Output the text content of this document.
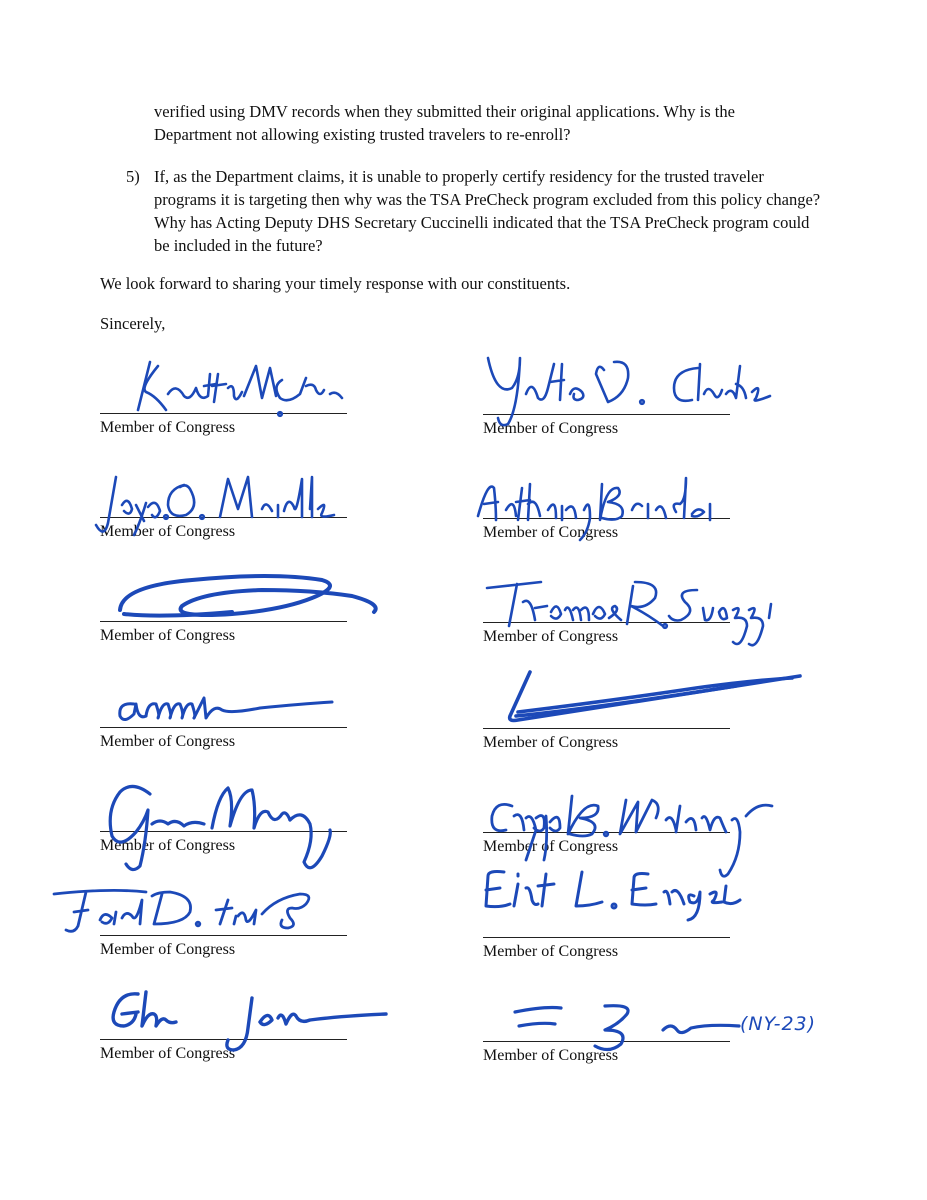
verified using DMV records when they submitted their original applications. Why is the Department not allowing existing trusted travelers to re-enroll?

5) If, as the Department claims, it is unable to properly certify residency for the trusted traveler programs it is targeting then why was the TSA PreCheck program excluded from this policy change? Why has Acting Deputy DHS Secretary Cuccinelli indicated that the TSA PreCheck program could be included in the future?

We look forward to sharing your timely response with our constituents.

Sincerely,

Member of Congress
Member of Congress
Member of Congress
Member of Congress
Member of Congress
Member of Congress
Member of Congress
Member of Congress
Member of Congress
Member of Congress
Member of Congress
Member of Congress
Member of Congress
Member of Congress
(NY-23)
